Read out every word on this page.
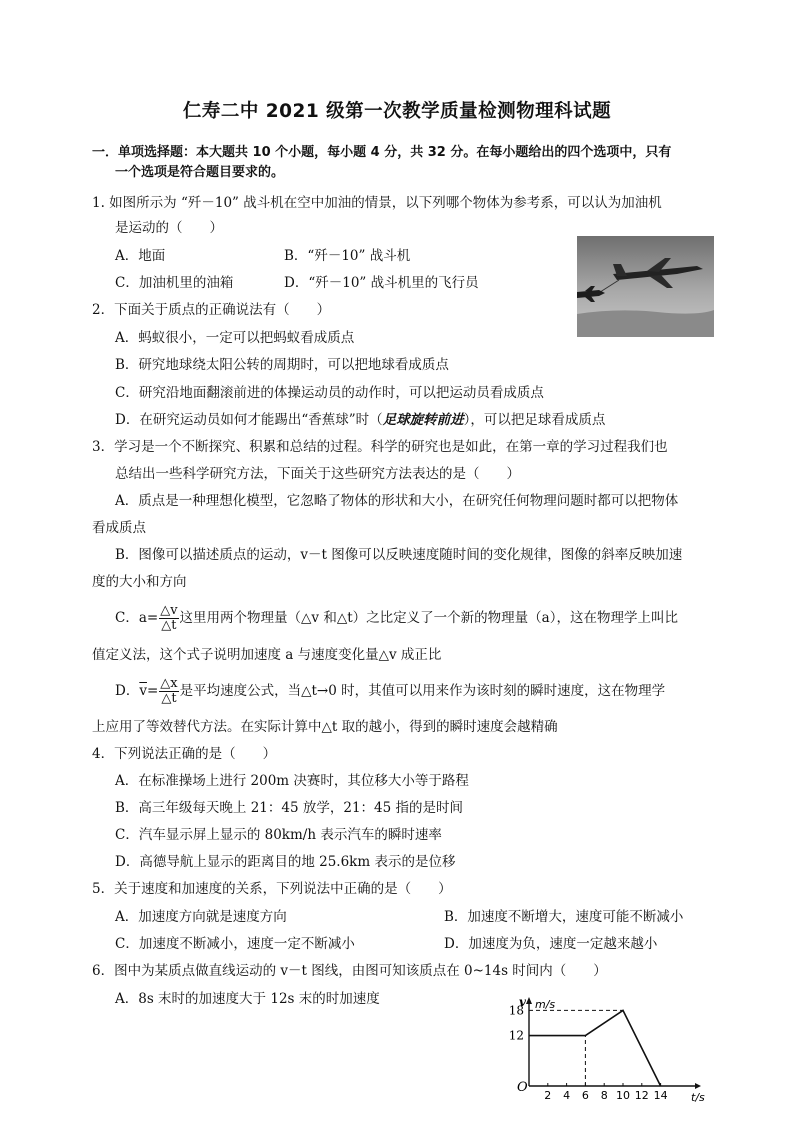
仁寿二中 2021 级第一次教学质量检测物理科试题
一．单项选择题：本大题共 10 个小题，每小题 4 分，共 32 分。在每小题给出的四个选项中，只有
一个选项是符合题目要求的。
1. 如图所示为 “歼－10” 战斗机在空中加油的情景，以下列哪个物体为参考系，可以认为加油机
是运动的（　　）
A．地面	B．“歼－10” 战斗机
C．加油机里的油箱	D．“歼－10” 战斗机里的飞行员
2．下面关于质点的正确说法有（　　）
A．蚂蚁很小，一定可以把蚂蚁看成质点
B．研究地球绕太阳公转的周期时，可以把地球看成质点
C．研究沿地面翻滚前进的体操运动员的动作时，可以把运动员看成质点
D．在研究运动员如何才能踢出“香蕉球”时（足球旋转前进），可以把足球看成质点
3．学习是一个不断探究、积累和总结的过程。科学的研究也是如此，在第一章的学习过程我们也
总结出一些科学研究方法，下面关于这些研究方法表达的是（　　）
A．质点是一种理想化模型，它忽略了物体的形状和大小，在研究任何物理问题时都可以把物体
看成质点
B．图像可以描述质点的运动，v－t 图像可以反映速度随时间的变化规律，图像的斜率反映加速
度的大小和方向
C．$a= \frac{\triangle v}{\triangle t}$ 这里用两个物理量（△v 和△t）之比定义了一个新的物理量（a），这在物理学上叫比
值定义法，这个式子说明加速度 a 与速度变化量△v 成正比
D．$\overline{v}= \frac{\triangle x}{\triangle t}$ 是平均速度公式，当△t→0 时，其值可以用来作为该时刻的瞬时速度，这在物理学
上应用了等效替代方法。在实际计算中△t 取的越小，得到的瞬时速度会越精确
4．下列说法正确的是（　　）
A．在标准操场上进行 200m 决赛时，其位移大小等于路程
B．高三年级每天晚上 21：45 放学，21：45 指的是时间
C．汽车显示屏上显示的 80km/h 表示汽车的瞬时速率
D．高德导航上显示的距离目的地 25.6km 表示的是位移
5．关于速度和加速度的关系，下列说法中正确的是（　　）
A．加速度方向就是速度方向	B．加速度不断增大，速度可能不断减小
C．加速度不断减小，速度一定不断减小	D．加速度为负，速度一定越来越小
6．图中为某质点做直线运动的 v－t 图线，由图可知该质点在 0~14s 时间内（　　）
A．8s 末时的加速度大于 12s 末的时加速度	v m/s
t/s
O
2 4 6 8 10 12 14
12
18
